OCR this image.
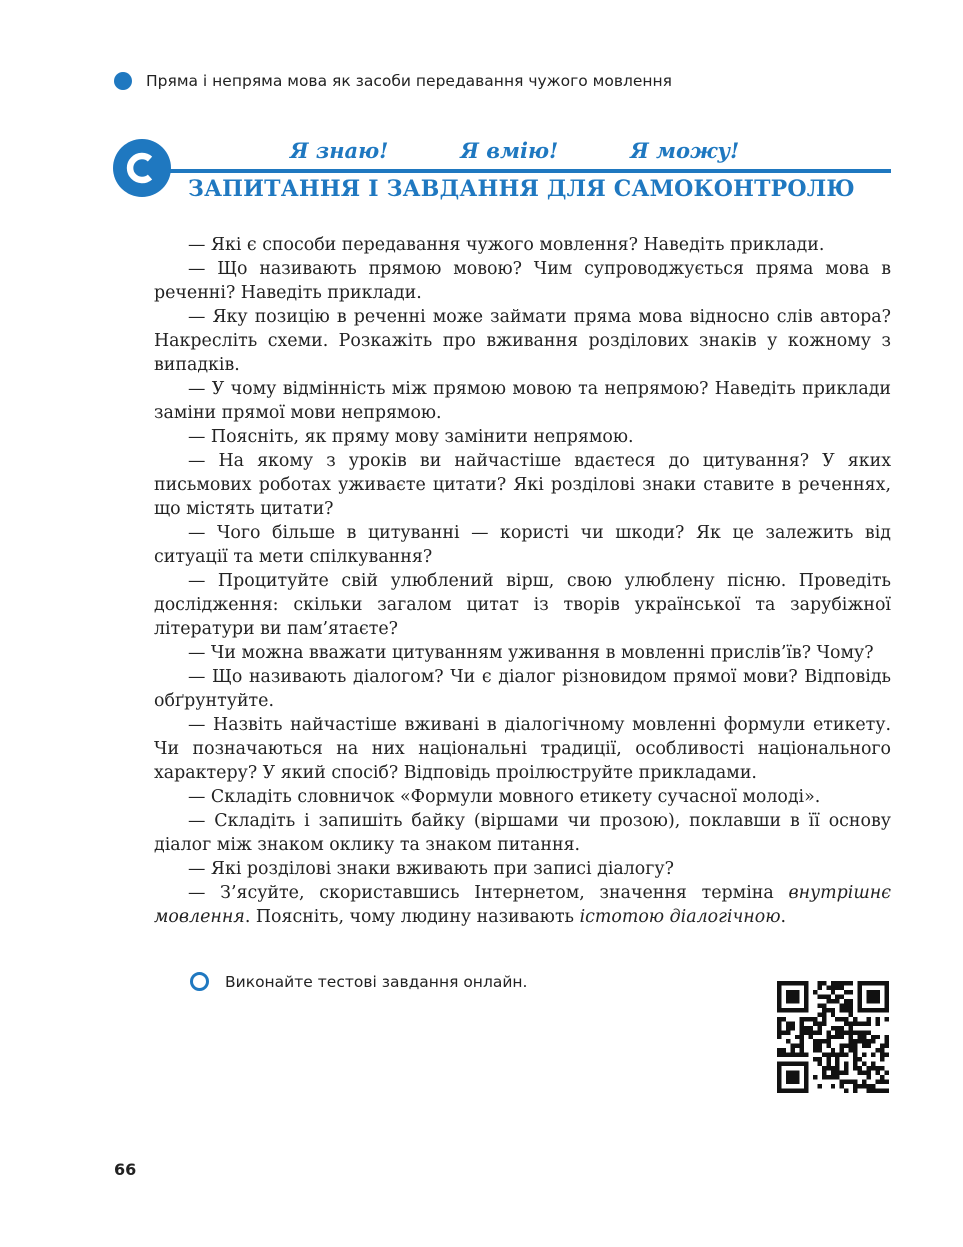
Пряма і непряма мова як засоби передавання чужого мовлення
Я знаю!	Я вмію!	Я можу!
ЗАПИТАННЯ І ЗАВДАННЯ ДЛЯ САМОКОНТРОЛЮ

— Які є способи передавання чужого мовлення? Наведіть приклади.

— Що називають прямою мовою? Чим супроводжується пряма мова в реченні? Наведіть приклади.

— Яку позицію в реченні може займати пряма мова відносно слів автора? Накресліть схеми. Розкажіть про вживання розділових знаків у кожному з випадків.

— У чому відмінність між прямою мовою та непрямою? Наведіть приклади заміни прямої мови непрямою.

— Поясніть, як пряму мову замінити непрямою.

— На якому з уроків ви найчастіше вдаєтеся до цитування? У яких письмових роботах уживаєте цитати? Які розділові знаки ставите в реченнях, що містять цитати?

— Чого більше в цитуванні — користі чи шкоди? Як це залежить від ситуації та мети спілкування?

— Процитуйте свій улюблений вірш, свою улюблену пісню. Проведіть дослідження: скільки загалом цитат із творів української та зарубіжної літератури ви пам’ятаєте?

— Чи можна вважати цитуванням уживання в мовленні прислів’їв? Чому?

— Що називають діалогом? Чи є діалог різновидом прямої мови? Відповідь обґрунтуйте.

— Назвіть найчастіше вживані в діалогічному мовленні формули етикету. Чи позначаються на них національні традиції, особливості національного характеру? У який спосіб? Відповідь проілюструйте прикладами.

— Складіть словничок «Формули мовного етикету сучасної молоді».

— Складіть і запишіть байку (віршами чи прозою), поклавши в її основу діалог між знаком оклику та знаком питання.

— Які розділові знаки вживають при записі діалогу?

— З’ясуйте, скориставшись Інтернетом, значення терміна внутрішнє мовлення. Поясніть, чому людину називають істотою діалогічною.

Виконайте тестові завдання онлайн.
66
